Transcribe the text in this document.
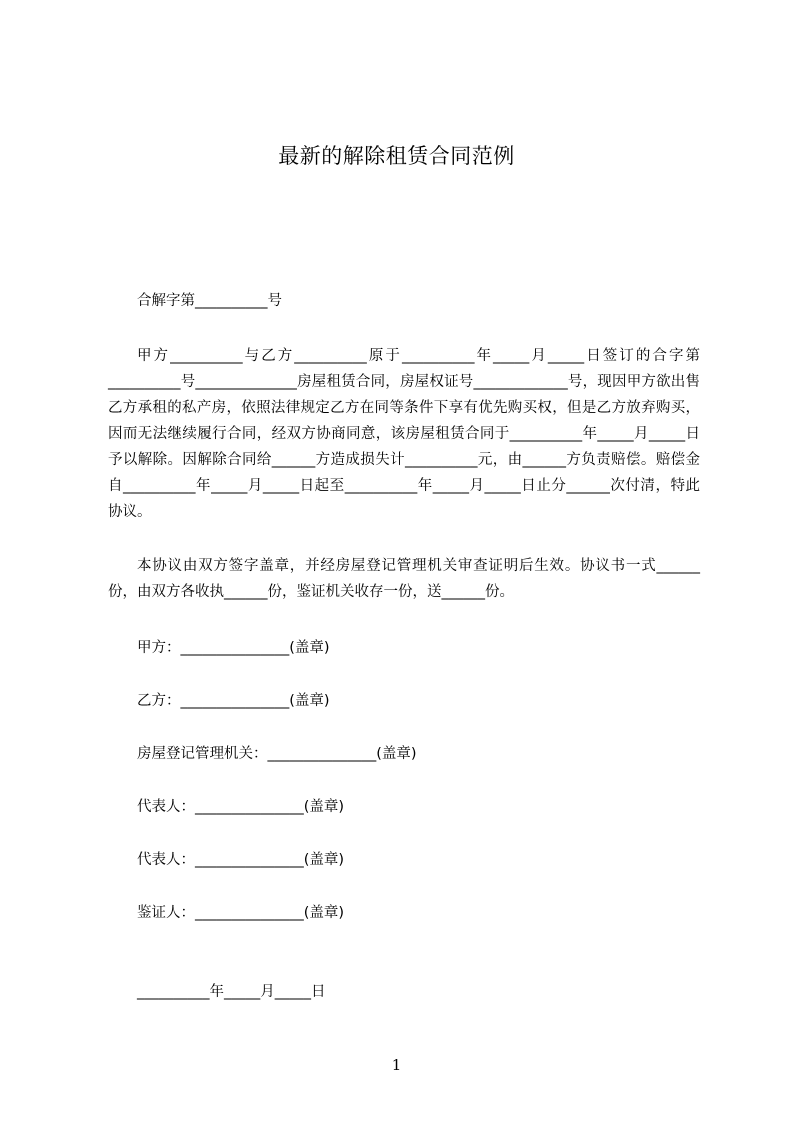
最新的解除租赁合同范例
合解字第__________号

甲方__________与乙方__________原于__________年_____月_____日签订的合字第__________号______________房屋租赁合同，房屋权证号_____________号，现因甲方欲出售乙方承租的私产房，依照法律规定乙方在同等条件下享有优先购买权，但是乙方放弃购买，因而无法继续履行合同，经双方协商同意，该房屋租赁合同于__________年_____月_____日予以解除。因解除合同给______方造成损失计__________元，由______方负责赔偿。赔偿金自__________年_____月_____日起至__________年_____月_____日止分______次付清，特此协议。

本协议由双方签字盖章，并经房屋登记管理机关审查证明后生效。协议书一式______份，由双方各收执______份，鉴证机关收存一份，送______份。

甲方：_______________(盖章)
乙方：_______________(盖章)
房屋登记管理机关：_______________(盖章)
代表人：_______________(盖章)
代表人：_______________(盖章)
鉴证人：_______________(盖章)
__________年_____月_____日
1
